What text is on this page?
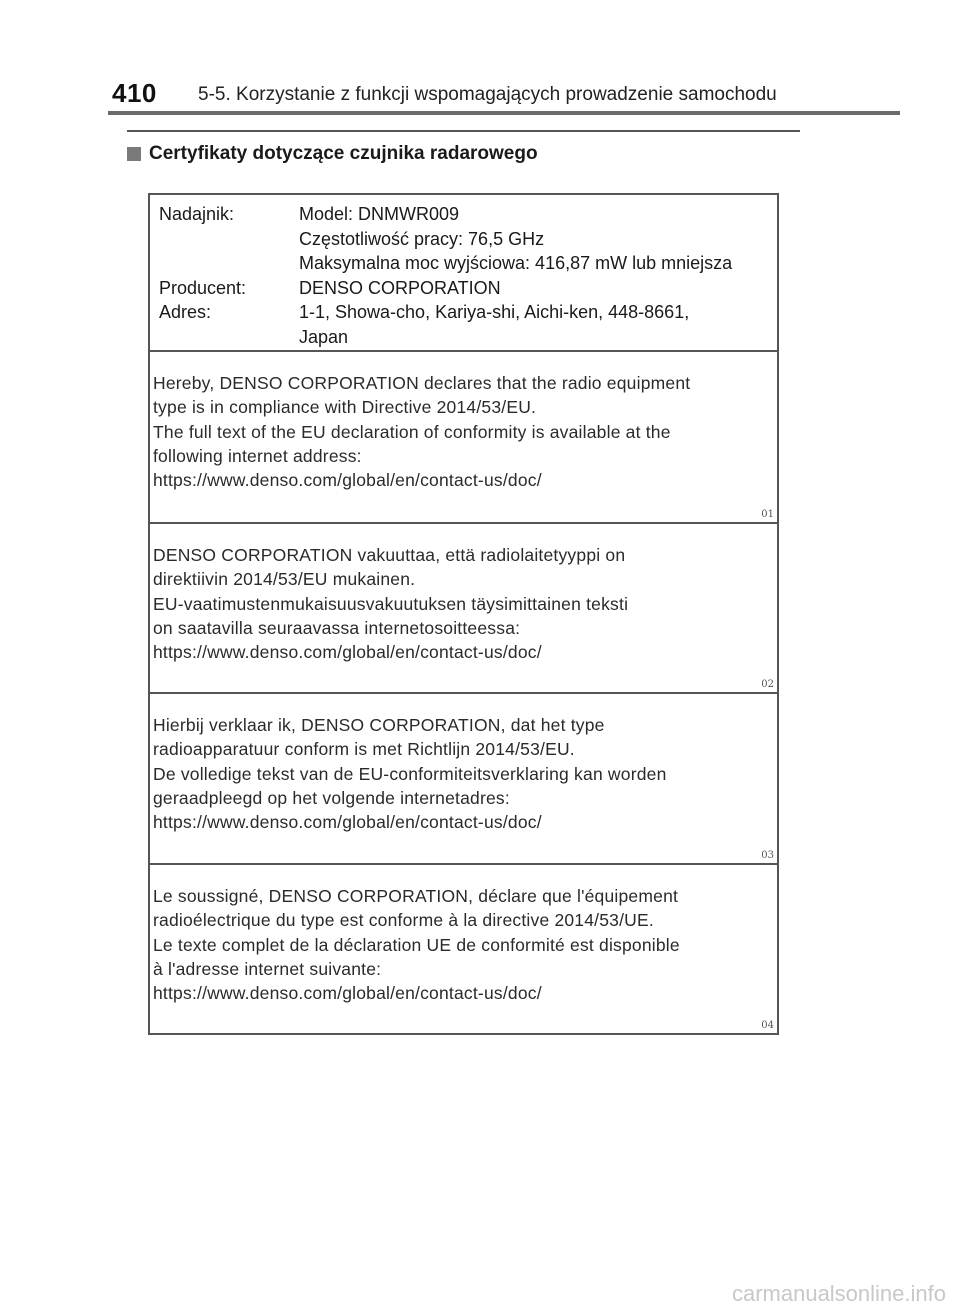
410 5-5. Korzystanie z funkcji wspomagających prowadzenie samochodu
Certyfikaty dotyczące czujnika radarowego
Nadajnik:	Model: DNMWR009
Częstotliwość pracy: 76,5 GHz
Maksymalna moc wyjściowa: 416,87 mW lub mniejsza
Producent:	DENSO CORPORATION
Adres:	1-1, Showa-cho, Kariya-shi, Aichi-ken, 448-8661,
Japan
Hereby, DENSO CORPORATION declares that the radio equipment
type is in compliance with Directive 2014/53/EU.
The full text of the EU declaration of conformity is available at the
following internet address:
https://www.denso.com/global/en/contact-us/doc/
01
DENSO CORPORATION vakuuttaa, että radiolaitetyyppi on
direktiivin 2014/53/EU mukainen.
EU-vaatimustenmukaisuusvakuutuksen täysimittainen teksti
on saatavilla seuraavassa internetosoitteessa:
https://www.denso.com/global/en/contact-us/doc/
02
Hierbij verklaar ik, DENSO CORPORATION, dat het type
radioapparatuur conform is met Richtlijn 2014/53/EU.
De volledige tekst van de EU-conformiteitsverklaring kan worden
geraadpleegd op het volgende internetadres:
https://www.denso.com/global/en/contact-us/doc/
03
Le soussigné, DENSO CORPORATION, déclare que l'équipement
radioélectrique du type est conforme à la directive 2014/53/UE.
Le texte complet de la déclaration UE de conformité est disponible
à l'adresse internet suivante:
https://www.denso.com/global/en/contact-us/doc/
04
carmanualsonline.info
